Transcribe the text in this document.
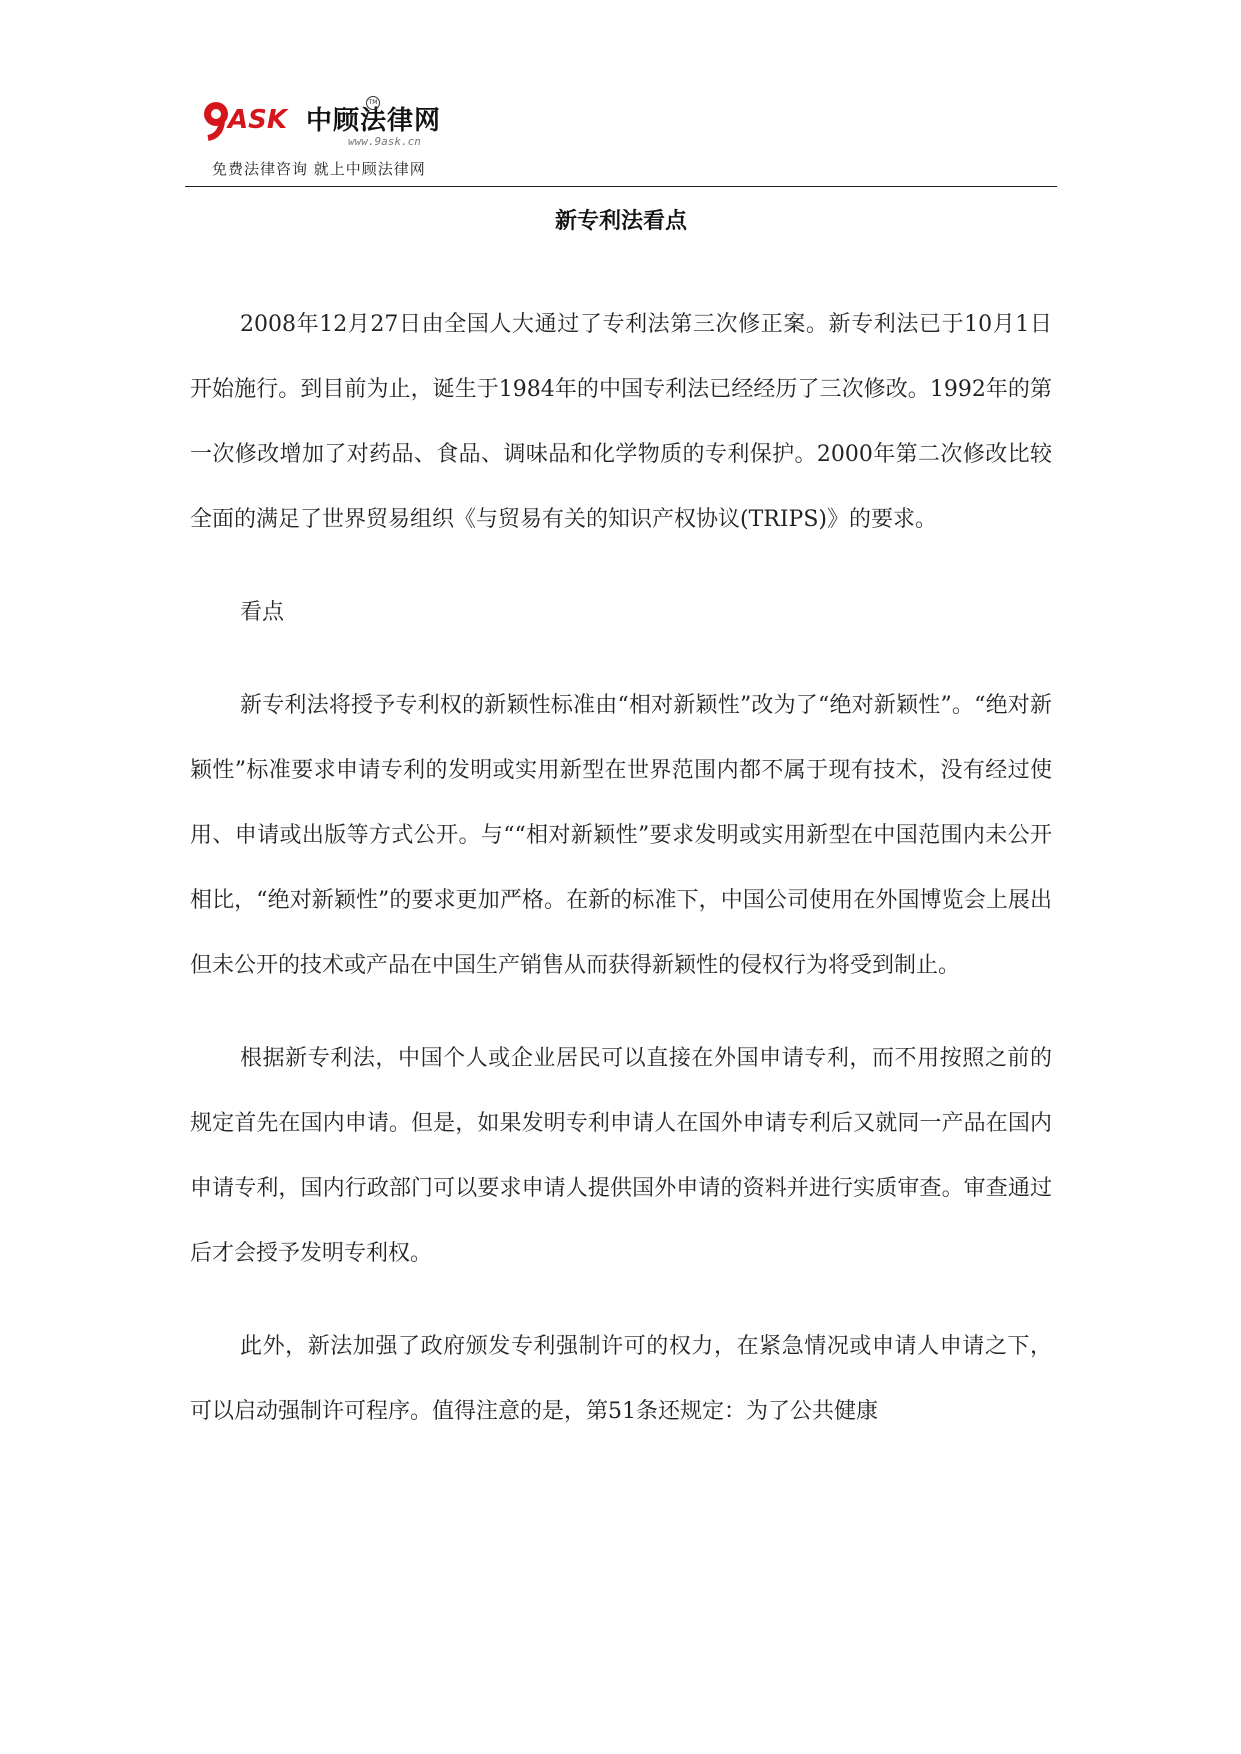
ASK 中顾法律网
TM
www.9ask.cn
免费法律咨询 就上中顾法律网
新专利法看点

2008年12月27日由全国人大通过了专利法第三次修正案。新专利法已于10月1日开始施行。到目前为止，诞生于1984年的中国专利法已经经历了三次修改。1992年的第一次修改增加了对药品、食品、调味品和化学物质的专利保护。2000年第二次修改比较全面的满足了世界贸易组织《与贸易有关的知识产权协议(TRIPS)》的要求。

看点

新专利法将授予专利权的新颖性标准由“相对新颖性”改为了“绝对新颖性”。“绝对新颖性”标准要求申请专利的发明或实用新型在世界范围内都不属于现有技术，没有经过使用、申请或出版等方式公开。与““相对新颖性”要求发明或实用新型在中国范围内未公开相比，“绝对新颖性”的要求更加严格。在新的标准下，中国公司使用在外国博览会上展出但未公开的技术或产品在中国生产销售从而获得新颖性的侵权行为将受到制止。

根据新专利法，中国个人或企业居民可以直接在外国申请专利，而不用按照之前的规定首先在国内申请。但是，如果发明专利申请人在国外申请专利后又就同一产品在国内申请专利，国内行政部门可以要求申请人提供国外申请的资料并进行实质审查。审查通过后才会授予发明专利权。

此外，新法加强了政府颁发专利强制许可的权力，在紧急情况或申请人申请之下，可以启动强制许可程序。值得注意的是，第51条还规定：为了公共健康
